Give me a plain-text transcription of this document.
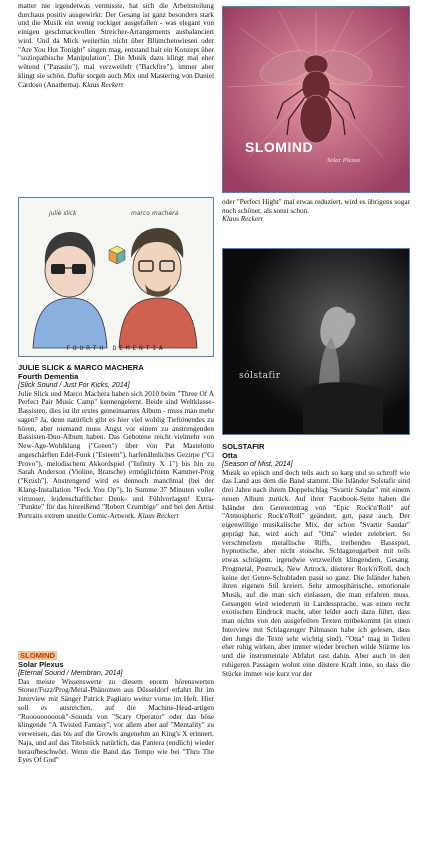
matter nie irgendetwas vermisste, hat sich die Arbeitsteilung durchaus positiv ausgewirkt: Der Gesang ist ganz besonders stark und die Musik ein wenig rockiger ausgefallen - was elegant von einigen geschmackvollen Streicher-Arrangements ausbalanciert wird. Und da Mick weiterhin nicht über Blümchenwiesen oder "Are You Hot Tonight" singen mag, entstand halt ein Konzept über "soziopathische Manipulation". Die Musik dazu klingt mal eher wütend ("Parasite"), mal verzweifelt ("Backfire"), immer aber klingt sie schön. Dafür sorgen auch Mix und Mastering von Daniel Cardoso (Anathema). Klaus Reckert

julie slick	marco machera
FOURTH DEMENTIA

JULIE SLICK & MARCO MACHERA

Fourth Dementia

[Slick Sound / Just For Kicks, 2014]

Julie Slick und Marco Machera haben sich 2010 beim "Three Of A Perfect Pair Music Camp" kennengelernt. Beide sind Weltklasse-Bassisten, dies ist ihr erstes gemeinsames Album - muss man mehr sagen? Ja, denn natürlich gibt es hier viel wohlig Tieftönendes zu hören, aber niemand muss Angst vor einem zu anstrengenden Bassisten-Duo-Album haben. Das Gebotene reicht vielmehr von New-Age-Wohlklang ("Green") über von Pat Mastelotto angeschärften Edel-Funk ("Esteem"), harfenähnliches Gezirpe ("Ci Provo"), melodischem Akkordspiel ("Infinity X 1") bis hin zu Sarah Anderson (Violine, Bratsche) ermöglichtem Kammer-Prog ("Krush"). Anstrengend wird es dennoch manchmal (bei der Klang-Installation "Feck You Op"). In Summe 37 Minuten voller virtuoser, leidenschaftlicher Denk- und Fühlvorlagen! Extra-"Punkte" für das hinreißend "Robert Crumbige" und bei den Artist Portraits extrem uneitle Comic-Artwork. Klaus Reckert

SLOMIND

Solar Plexus

[Eternal Sound / Membran, 2014]

Das meiste Wissenswerte zu diesem enorm hörenswerten Stoner/Fuzz/Prog/Metal-Phänomen aus Düsseldorf erfahrt Ihr im Interview mit Sänger Patrick Pagliaro weiter vorne im Heft. Hier soll es ausreichen, auf die Machine-Head-artigen "Rooooooooook"-Sounds von "Scary Operator" oder das böse klingende "A Twisted Fantasy", vor allem aber auf "Mentality" zu verweisen, das bis auf die Growls angenehm an King's X erinnert. Naja, und auf das Titelstück natürlich, das Pantera (endlich) wieder heraufbeschwört. Wenn die Band das Tempo wie bei "Thru The Eyes Of God"

SLOMIND
Solar Plexus

oder "Perfect Hight" mal etwas reduziert, wird es übrigens sogar noch schöner, als sonst schon.

Klaus Reckert

sólstafir

SOLSTAFIR

Otta

[Season of Mist, 2014]

Musik so episch und doch teils auch so karg und so schroff wie das Land aus dem die Band stammt. Die Isländer Solstafir sind drei Jahre nach ihrem Doppelschlag "Svartir Sandar" mit einem neuen Album zurück. Auf ihrer Facebook-Seite haben die Isländer den Genreeintrag von "Epic Rock'n'Roll" auf "Atmospheric Rock'n'Roll" geändert, gut, passt auch. Der eigenwillige musikalische Mix, der schon "Svartir Sandar" geprägt hat, wird auch auf "Otta" wieder zelebriert. So verschmelzen metallische Riffs, treibendes Bassspiel, hypnotische, aber nicht stoische, Schlagzeugarbeit mit teils etwas schrägem, irgendwie verzweifelt klingendem, Gesang. Progmetal, Postrock, New Artrock, düsterer Rock'n'Roll, doch keine der Genre-Schubladen passt so ganz. Die Isländer haben ihren eigenen Stil kreiert. Sehr atmosphärische, emotionale Musik, auf die man sich einlassen, die man erfahren muss. Gesungen wird wiederum in Landessprache, was einen recht exotischen Eindruck macht, aber leider auch dazu führt, dass man nichts von den ausgefeilten Texten mitbekommt (in einen Interview mit Schlagzeuger Pálmason habe ich gelesen, dass den Jungs die Texte sehr wichtig sind). "Otta" mag in Teilen eher ruhig wirken, aber immer wieder brechen wilde Stürme los und die instrumentale Abfahrt rast dahin. Aber auch in den ruhigeren Passagen wohnt eine düstere Kraft inne, so dass die Stücke immer wie kurz vor der
